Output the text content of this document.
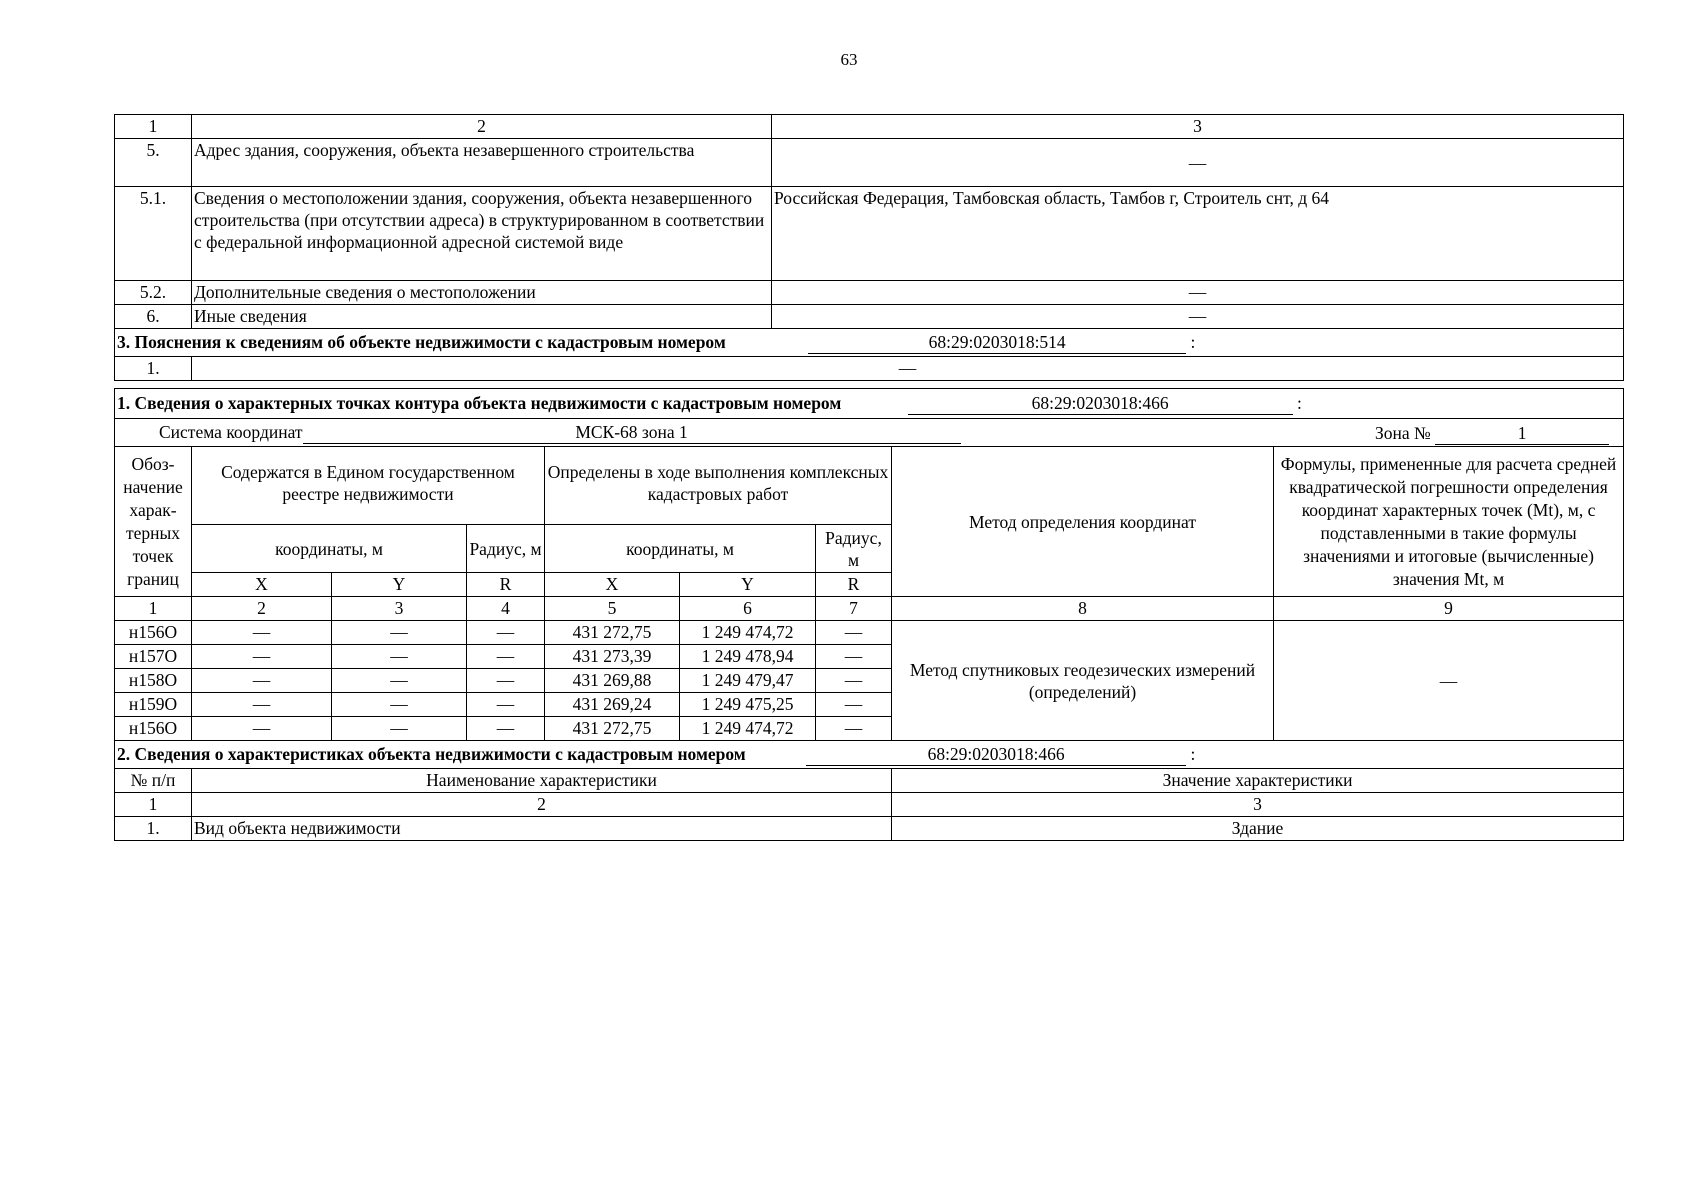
63
1	2	3
5.	Адрес здания, сооружения, объекта незавершенного строительства	—
5.1.	Сведения о местоположении здания, сооружения, объекта незавершенного строительства (при отсутствии адреса) в структурированном в соответствии с федеральной информационной адресной системой виде	Российская Федерация, Тамбовская область, Тамбов г, Строитель снт, д 64
5.2.	Дополнительные сведения о местоположении	—
6.	Иные сведения	—
3. Пояснения к сведениям об объекте недвижимости с кадастровым номером 68:29:0203018:514 :		
1.	—	
1. Сведения о характерных точках контура объекта недвижимости с кадастровым номером 68:29:0203018:466 :								
Система координат МСК-68 зона 1 Зона № 1								

Обоз-начение харак-терных точек границ	Содержатся в Едином государственном реестре недвижимости			Определены в ходе выполнения комплексных кадастровых работ			Метод определения координат	Формулы, примененные для расчета средней квадратической погрешности определения координат характерных точек (Mt), м, с подставленными в такие формулы значениями и итоговые (вычисленные) значения Mt, м
	координаты, м		Радиус, м	координаты, м		Радиус, м		
	X	Y	R	X	Y	R		
1	2	3	4	5	6	7	8	9
н156О	—	—	—	431 272,75	1 249 474,72	—	Метод спутниковых геодезических измерений (определений)	—
н157О	—	—	—	431 273,39	1 249 478,94	—		
н158О	—	—	—	431 269,88	1 249 479,47	—		
н159О	—	—	—	431 269,24	1 249 475,25	—		
н156О	—	—	—	431 272,75	1 249 474,72	—		
2. Сведения о характеристиках объекта недвижимости с кадастровым номером 68:29:0203018:466 :								
№ п/п	Наименование характеристики						Значение характеристики	
1	2						3	
1.	Вид объекта недвижимости						Здание	
